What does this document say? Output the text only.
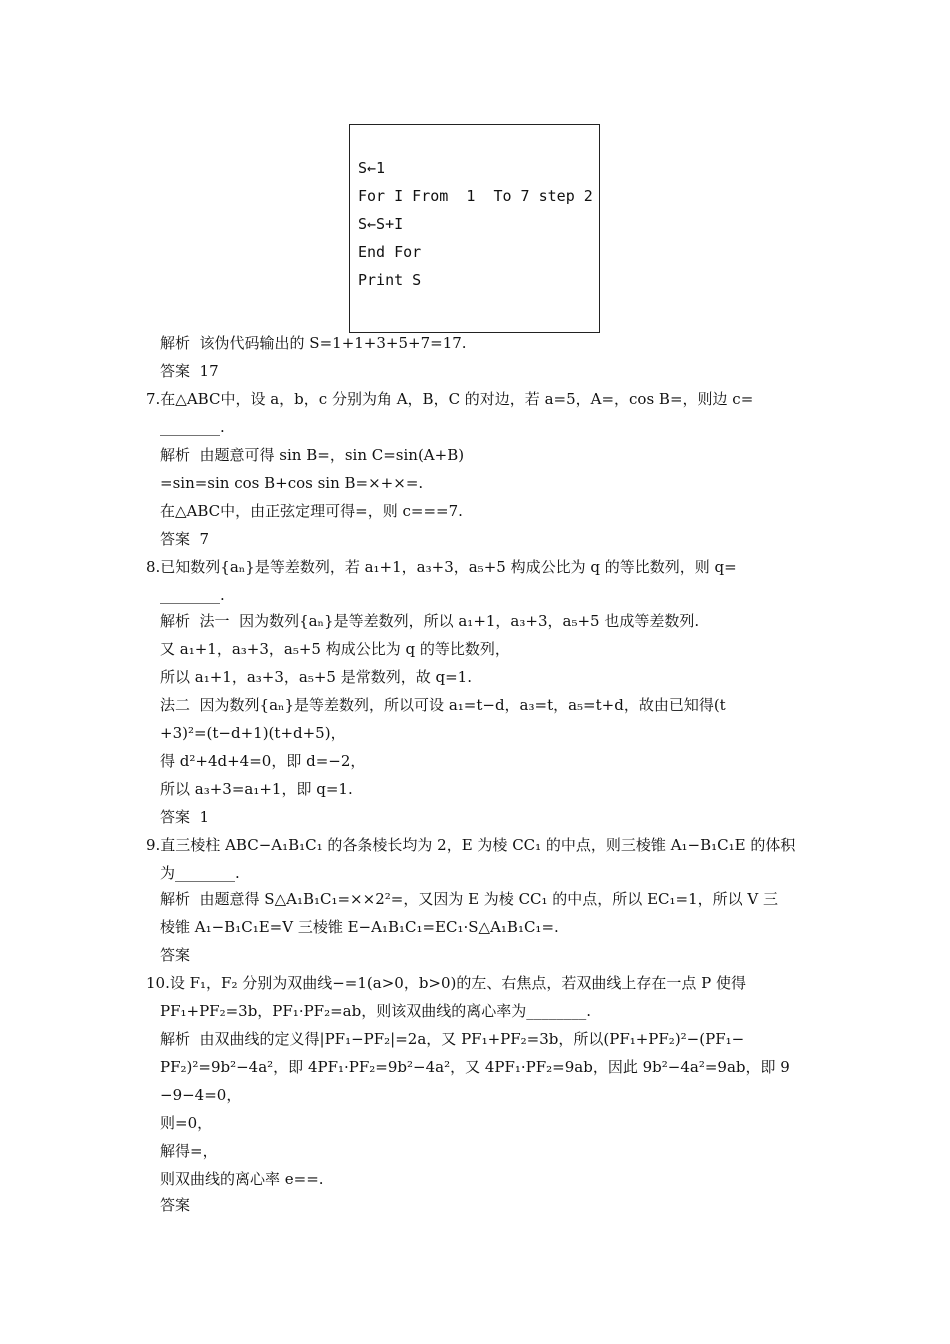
S←1
For I From  1  To 7 step 2
S←S+I
End For
Print S
解析  该伪代码输出的 S=1+1+3+5+7=17.
答案  17
7.在△ABC中，设 a，b，c 分别为角 A，B，C 的对边，若 a=5，A=，cos B=，则边 c=
________.
解析  由题意可得 sin B=，sin C=sin(A+B)
=sin=sin cos B+cos sin B=×+×=.
在△ABC中，由正弦定理可得=，则 c===7.
答案  7
8.已知数列{aₙ}是等差数列，若 a₁+1，a₃+3，a₅+5 构成公比为 q 的等比数列，则 q=
________.
解析  法一  因为数列{aₙ}是等差数列，所以 a₁+1，a₃+3，a₅+5 也成等差数列.
又 a₁+1，a₃+3，a₅+5 构成公比为 q 的等比数列，
所以 a₁+1，a₃+3，a₅+5 是常数列，故 q=1.
法二  因为数列{aₙ}是等差数列，所以可设 a₁=t−d，a₃=t，a₅=t+d，故由已知得(t
+3)²=(t−d+1)(t+d+5)，
得 d²+4d+4=0，即 d=−2，
所以 a₃+3=a₁+1，即 q=1.
答案  1
9.直三棱柱 ABC−A₁B₁C₁ 的各条棱长均为 2，E 为棱 CC₁ 的中点，则三棱锥 A₁−B₁C₁E 的体积
为________.
解析  由题意得 S△A₁B₁C₁=××2²=，又因为 E 为棱 CC₁ 的中点，所以 EC₁=1，所以 V 三
棱锥 A₁−B₁C₁E=V 三棱锥 E−A₁B₁C₁=EC₁·S△A₁B₁C₁=.
答案
10.设 F₁，F₂ 分别为双曲线−=1(a>0，b>0)的左、右焦点，若双曲线上存在一点 P 使得
PF₁+PF₂=3b，PF₁·PF₂=ab，则该双曲线的离心率为________.
解析  由双曲线的定义得|PF₁−PF₂|=2a，又 PF₁+PF₂=3b，所以(PF₁+PF₂)²−(PF₁−
PF₂)²=9b²−4a²，即 4PF₁·PF₂=9b²−4a²，又 4PF₁·PF₂=9ab，因此 9b²−4a²=9ab，即 9
−9−4=0，
则=0，
解得=，
则双曲线的离心率 e==.
答案
